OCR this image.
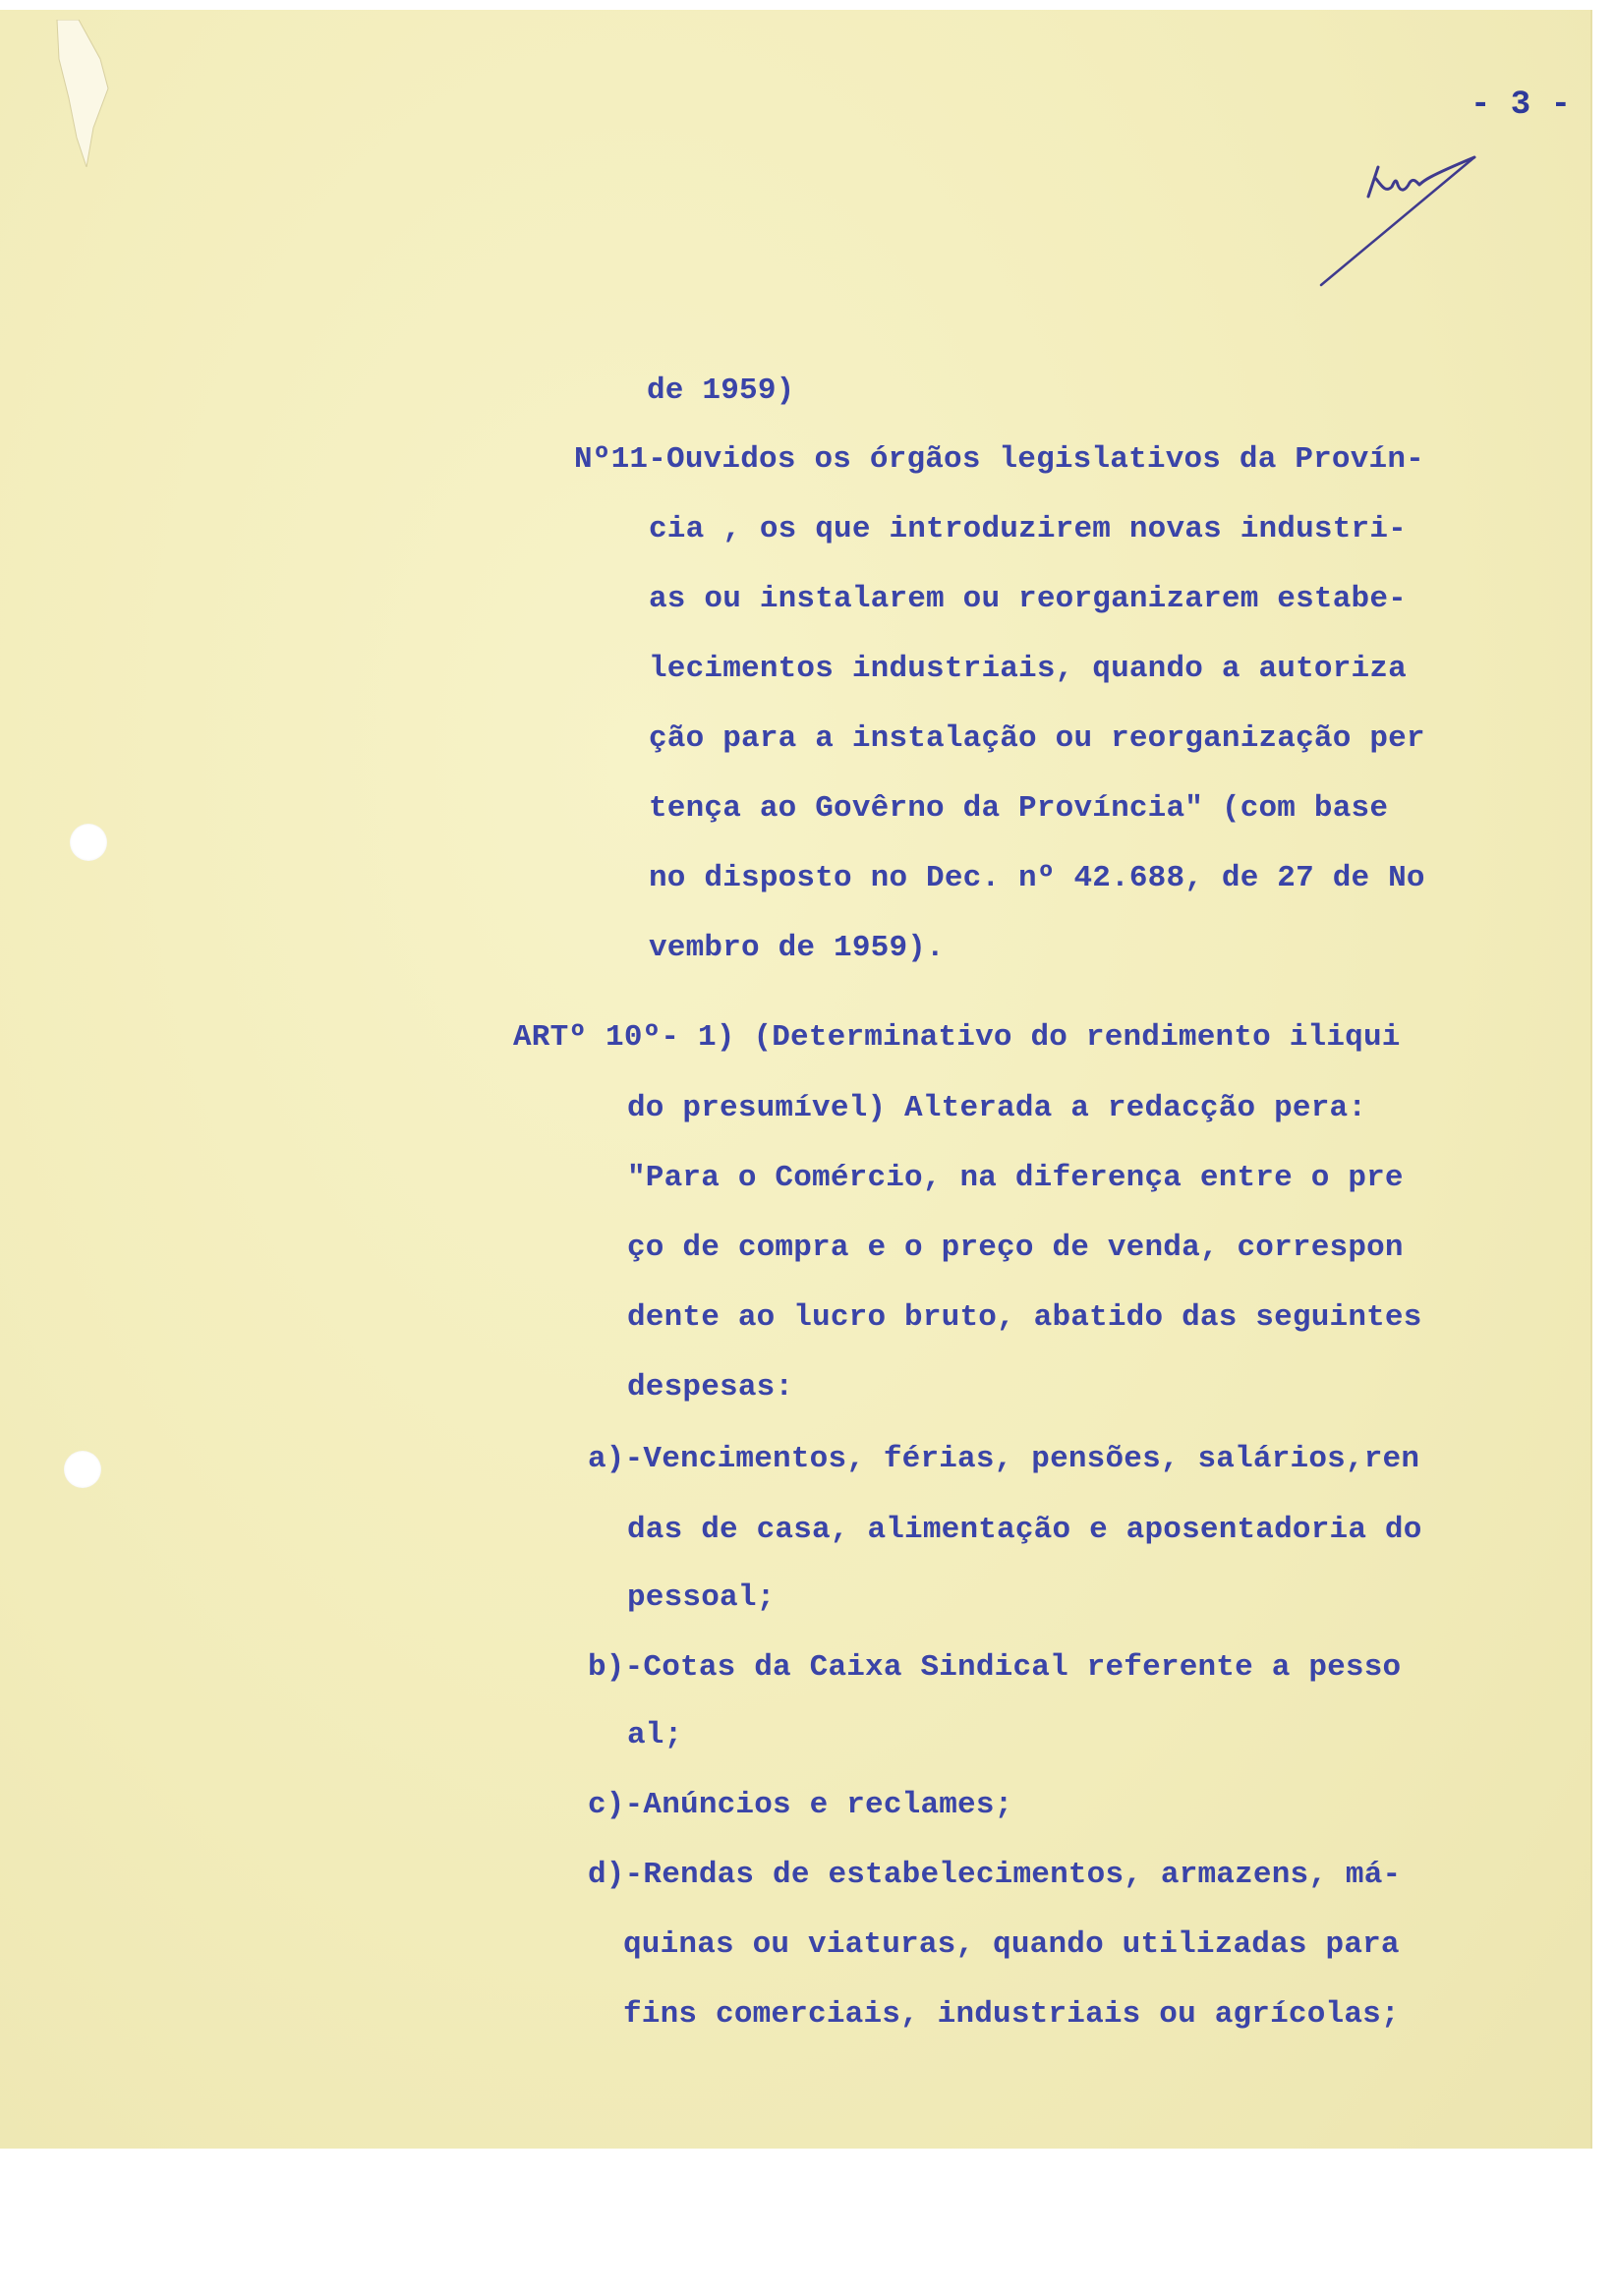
- 3 -
de 1959)
Nº11-Ouvidos os órgãos legislativos da Provín-
cia , os que introduzirem novas industri-
as ou instalarem ou reorganizarem estabe-
lecimentos industriais, quando a autoriza
ção para a instalação ou reorganização per
tença ao Govêrno da Província" (com base
no disposto no Dec. nº 42.688, de 27 de No
vembro de 1959).
ARTº 10º- 1) (Determinativo do rendimento iliqui
do presumível) Alterada a redacção pera:
"Para o Comércio, na diferença entre o pre
ço de compra e o preço de venda, correspon
dente ao lucro bruto, abatido das seguintes
despesas:
a)-Vencimentos, férias, pensões, salários,ren
das de casa, alimentação e aposentadoria do
pessoal;
b)-Cotas da Caixa Sindical referente a pesso
al;
c)-Anúncios e reclames;
d)-Rendas de estabelecimentos, armazens, má-
quinas ou viaturas, quando utilizadas para
fins comerciais, industriais ou agrícolas;
